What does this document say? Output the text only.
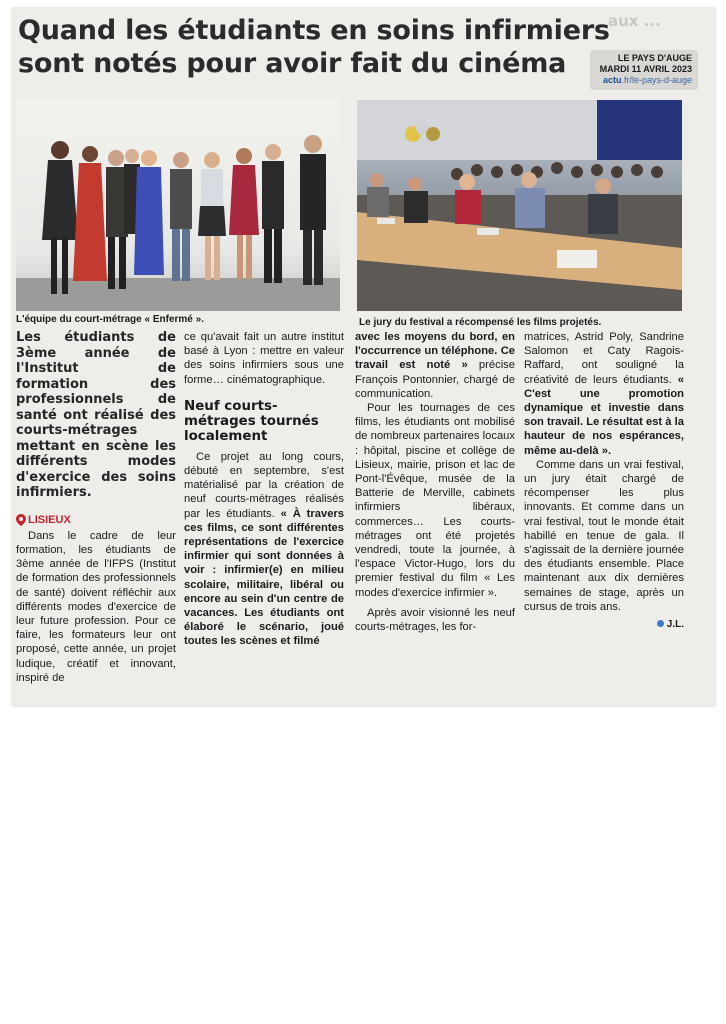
aux ...
Quand les étudiants en soins infirmiers
sont notés pour avoir fait du cinéma	LE PAYS D'AUGE
MARDI 11 AVRIL 2023
actu.fr/le-pays-d-auge
L'équipe du court-métrage « Enfermé ».	Le jury du festival a récompensé les films projetés.
Les étudiants de 3ème année de l'Institut de formation des professionnels de santé ont réalisé des courts-métrages mettant en scène les différents modes d'exercice des soins infirmiers.
LISIEUX

Dans le cadre de leur formation, les étudiants de 3ème année de l'IFPS (Institut de formation des professionnels de santé) doivent réfléchir aux différents modes d'exercice de leur future profession. Pour ce faire, les formateurs leur ont proposé, cette année, un projet ludique, créatif et innovant, inspiré de

ce qu'avait fait un autre institut basé à Lyon : mettre en valeur des soins infirmiers sous une forme… cinématographique.

Neuf courts-métrages tournés localement

Ce projet au long cours, débuté en septembre, s'est matérialisé par la création de neuf courts-métrages réalisés par les étudiants. « À travers ces films, ce sont différentes représentations de l'exercice infirmier qui sont données à voir : infirmier(e) en milieu scolaire, militaire, libéral ou encore au sein d'un centre de vacances. Les étudiants ont élaboré le scénario, joué toutes les scènes et filmé

avec les moyens du bord, en l'occurrence un téléphone. Ce travail est noté » précise François Pontonnier, chargé de communication.

Pour les tournages de ces films, les étudiants ont mobilisé de nombreux partenaires locaux : hôpital, piscine et collège de Lisieux, mairie, prison et lac de Pont-l'Évêque, musée de la Batterie de Merville, cabinets infirmiers libéraux, commerces… Les courts-métrages ont été projetés vendredi, toute la journée, à l'espace Victor-Hugo, lors du premier festival du film « Les modes d'exercice infirmier ».

Après avoir visionné les neuf courts-métrages, les for-

matrices, Astrid Poly, Sandrine Salomon et Caty Ragois-Raffard, ont souligné la créativité de leurs étudiants. « C'est une promotion dynamique et investie dans son travail. Le résultat est à la hauteur de nos espérances, même au-delà ».

Comme dans un vrai festival, un jury était chargé de récompenser les plus innovants. Et comme dans un vrai festival, tout le monde était habillé en tenue de gala. Il s'agissait de la dernière journée des étudiants ensemble. Place maintenant aux dix dernières semaines de stage, après un cursus de trois ans.

J.L.
